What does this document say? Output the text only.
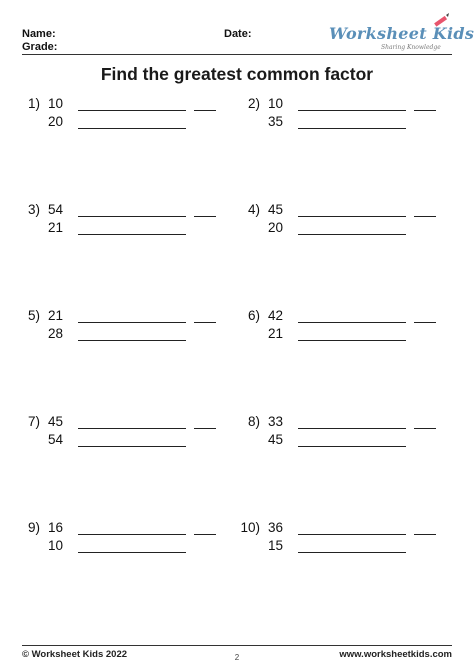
Name:
Grade:
Date:	Worksheet Kids
Sharing Knowledge
Find the greatest common factor
1) 10
20
2) 10
35
3) 54
21
4) 45
20
5) 21
28
6) 42
21
7) 45
54
8) 33
45
9) 16
10
10) 36
15
© Worksheet Kids 2022	www.worksheetkids.com
2
